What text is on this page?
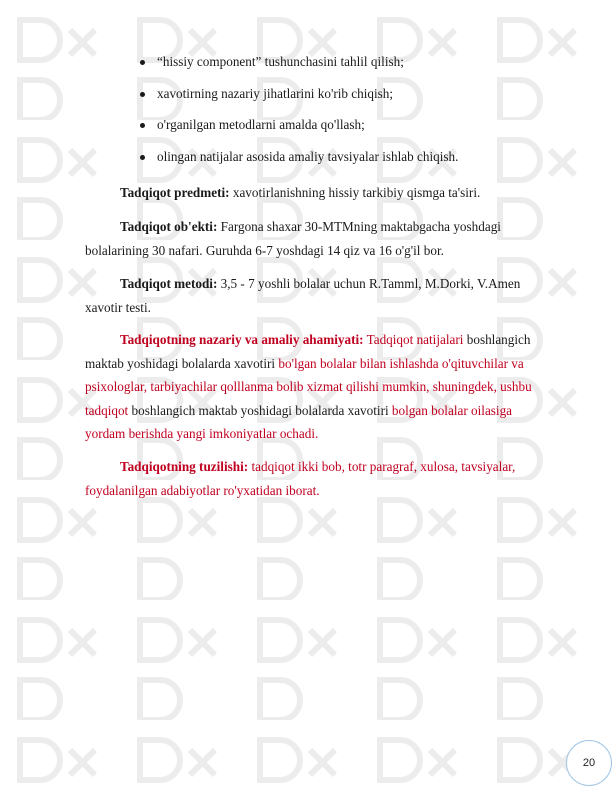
“hissiy component” tushunchasini tahlil qilish;
xavotirning nazariy jihatlarini ko'rib chiqish;
o'rganilgan metodlarni amalda qo'llash;
olingan natijalar asosida amaliy tavsiyalar ishlab chiqish.
Tadqiqot predmeti: xavotirlanishning hissiy tarkibiy qismga ta'siri.
Tadqiqot ob'ekti: Fargona shaxar 30-MTMning maktabgacha yoshdagi
bolalarining 30 nafari. Guruhda 6-7 yoshdagi 14 qiz va 16 o'g'il bor.
Tadqiqot metodi: 3,5 - 7 yoshli bolalar uchun R.Tamml, M.Dorki, V.Amen
xavotir testi.
Tadqiqotning nazariy va amaliy ahamiyati: Tadqiqot natijalari boshlangich
maktab yoshidagi bolalarda xavotiri bo'lgan bolalar bilan ishlashda o'qituvchilar va
psixologlar, tarbiyachilar qolllanma bolib xizmat qilishi mumkin, shuningdek, ushbu
tadqiqot boshlangich maktab yoshidagi bolalarda xavotiri bolgan bolalar oilasiga
yordam berishda yangi imkoniyatlar ochadi.
Tadqiqotning tuzilishi: tadqiqot ikki bob, totr paragraf, xulosa, tavsiyalar,
foydalanilgan adabiyotlar ro'yxatidan iborat.
20
